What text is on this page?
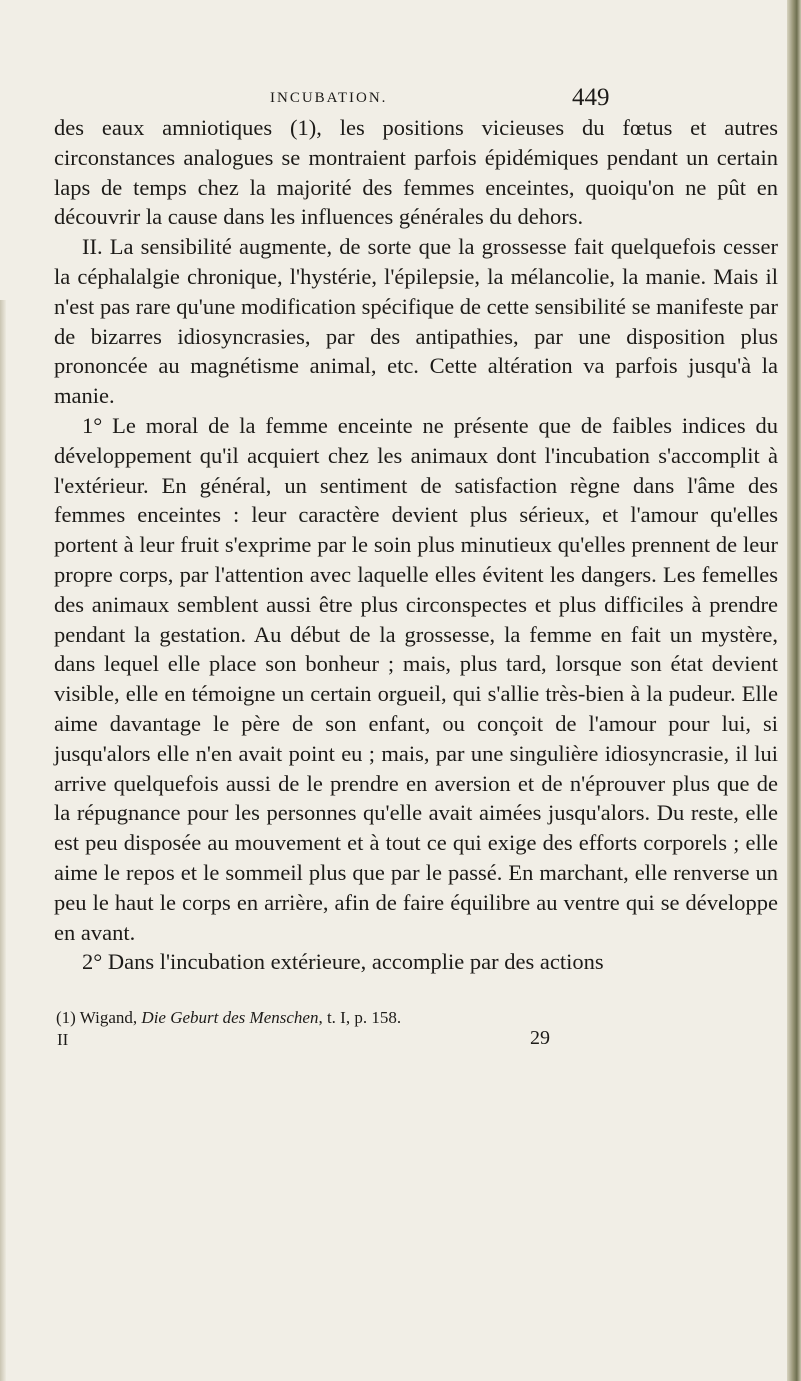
INCUBATION.	449

des eaux amniotiques (1), les positions vicieuses du fœtus et autres circonstances analogues se montraient parfois épidémiques pendant un certain laps de temps chez la majorité des femmes enceintes, quoiqu'on ne pût en découvrir la cause dans les influences générales du dehors.

II. La sensibilité augmente, de sorte que la grossesse fait quelquefois cesser la céphalalgie chronique, l'hystérie, l'épilepsie, la mélancolie, la manie. Mais il n'est pas rare qu'une modification spécifique de cette sensibilité se manifeste par de bizarres idiosyncrasies, par des antipathies, par une disposition plus prononcée au magnétisme animal, etc. Cette altération va parfois jusqu'à la manie.

1° Le moral de la femme enceinte ne présente que de faibles indices du développement qu'il acquiert chez les animaux dont l'incubation s'accomplit à l'extérieur. En général, un sentiment de satisfaction règne dans l'âme des femmes enceintes : leur caractère devient plus sérieux, et l'amour qu'elles portent à leur fruit s'exprime par le soin plus minutieux qu'elles prennent de leur propre corps, par l'attention avec laquelle elles évitent les dangers. Les femelles des animaux semblent aussi être plus circonspectes et plus difficiles à prendre pendant la gestation. Au début de la grossesse, la femme en fait un mystère, dans lequel elle place son bonheur ; mais, plus tard, lorsque son état devient visible, elle en témoigne un certain orgueil, qui s'allie très-bien à la pudeur. Elle aime davantage le père de son enfant, ou conçoit de l'amour pour lui, si jusqu'alors elle n'en avait point eu ; mais, par une singulière idiosyncrasie, il lui arrive quelquefois aussi de le prendre en aversion et de n'éprouver plus que de la répugnance pour les personnes qu'elle avait aimées jusqu'alors. Du reste, elle est peu disposée au mouvement et à tout ce qui exige des efforts corporels ; elle aime le repos et le sommeil plus que par le passé. En marchant, elle renverse un peu le haut le corps en arrière, afin de faire équilibre au ventre qui se développe en avant.

2° Dans l'incubation extérieure, accomplie par des actions

(1) Wigand, Die Geburt des Menschen, t. I, p. 158.
II	29
